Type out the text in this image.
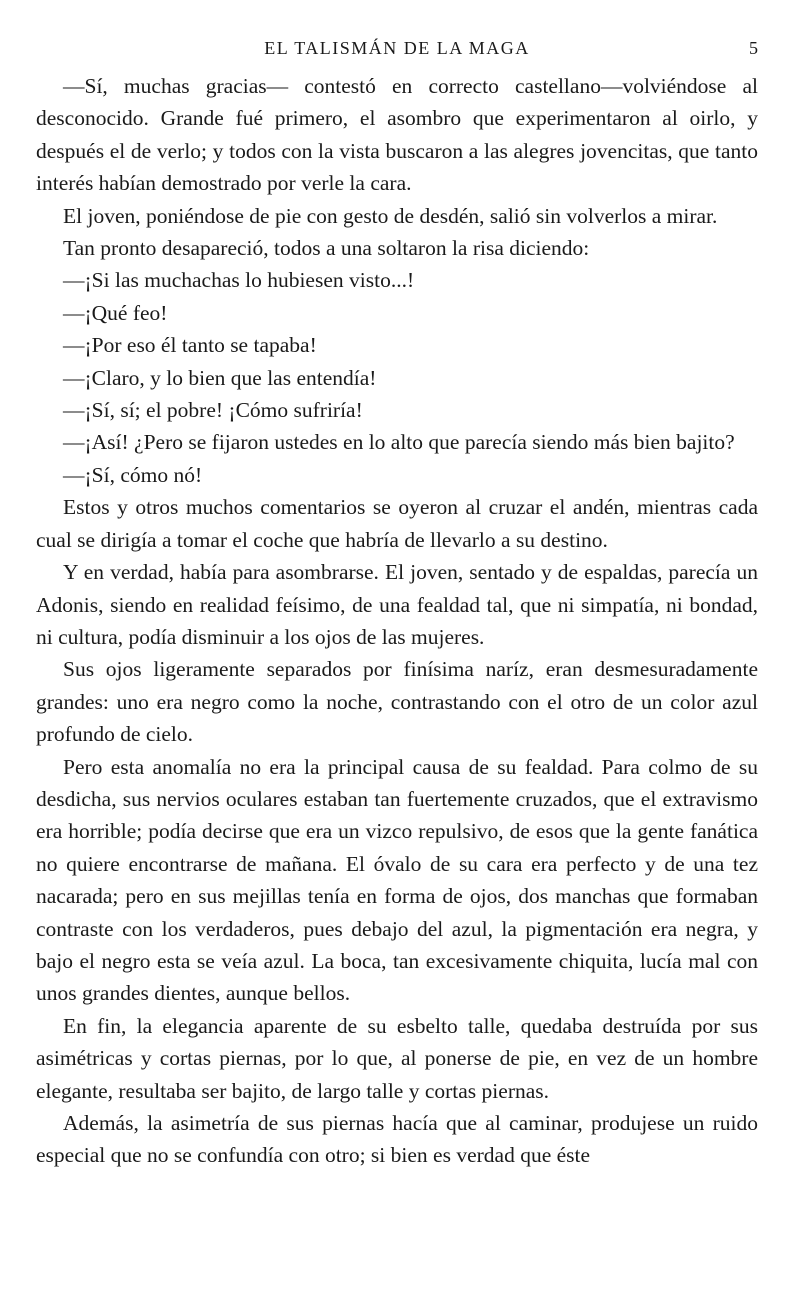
EL TALISMÁN DE LA MAGA	5

—Sí, muchas gracias— contestó en correcto castellano—volviéndose al desconocido. Grande fué primero, el asombro que experimentaron al oirlo, y después el de verlo; y todos con la vista buscaron a las alegres jovencitas, que tanto interés habían demostrado por verle la cara.

El joven, poniéndose de pie con gesto de desdén, salió sin volverlos a mirar.

Tan pronto desapareció, todos a una soltaron la risa diciendo:

—¡Si las muchachas lo hubiesen visto...!

—¡Qué feo!

—¡Por eso él tanto se tapaba!

—¡Claro, y lo bien que las entendía!

—¡Sí, sí; el pobre! ¡Cómo sufriría!

—¡Así! ¿Pero se fijaron ustedes en lo alto que parecía siendo más bien bajito?

—¡Sí, cómo nó!

Estos y otros muchos comentarios se oyeron al cruzar el andén, mientras cada cual se dirigía a tomar el coche que habría de llevarlo a su destino.

Y en verdad, había para asombrarse. El joven, sentado y de espaldas, parecía un Adonis, siendo en realidad feísimo, de una fealdad tal, que ni simpatía, ni bondad, ni cultura, podía disminuir a los ojos de las mujeres.

Sus ojos ligeramente separados por finísima naríz, eran desmesuradamente grandes: uno era negro como la noche, contrastando con el otro de un color azul profundo de cielo.

Pero esta anomalía no era la principal causa de su fealdad. Para colmo de su desdicha, sus nervios oculares estaban tan fuertemente cruzados, que el extravismo era horrible; podía decirse que era un vizco repulsivo, de esos que la gente fanática no quiere encontrarse de mañana. El óvalo de su cara era perfecto y de una tez nacarada; pero en sus mejillas tenía en forma de ojos, dos manchas que formaban contraste con los verdaderos, pues debajo del azul, la pigmentación era negra, y bajo el negro esta se veía azul. La boca, tan excesivamente chiquita, lucía mal con unos grandes dientes, aunque bellos.

En fin, la elegancia aparente de su esbelto talle, quedaba destruída por sus asimétricas y cortas piernas, por lo que, al ponerse de pie, en vez de un hombre elegante, resultaba ser bajito, de largo talle y cortas piernas.

Además, la asimetría de sus piernas hacía que al caminar, produjese un ruido especial que no se confundía con otro; si bien es verdad que éste
